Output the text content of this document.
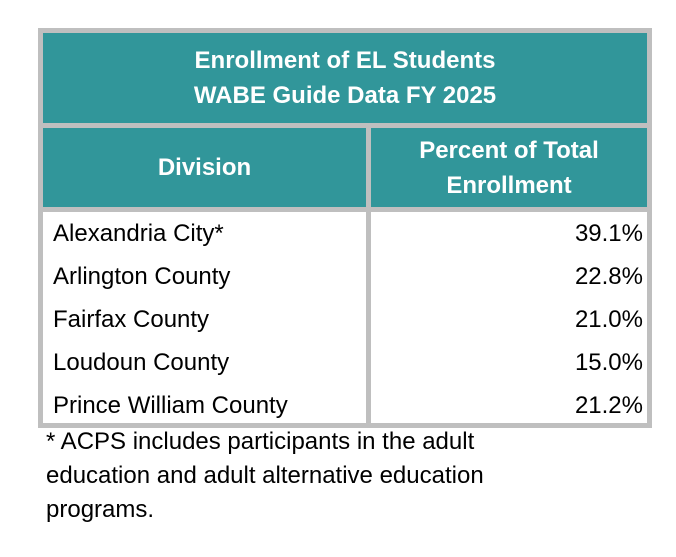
Enrollment of EL Students
WABE Guide Data FY 2025
Division
Percent of Total
Enrollment
Alexandria City*
Arlington County
Fairfax County
Loudoun County
Prince William County
39.1%
22.8%
21.0%
15.0%
21.2%
* ACPS includes participants in the adult
education and adult alternative education
programs.
